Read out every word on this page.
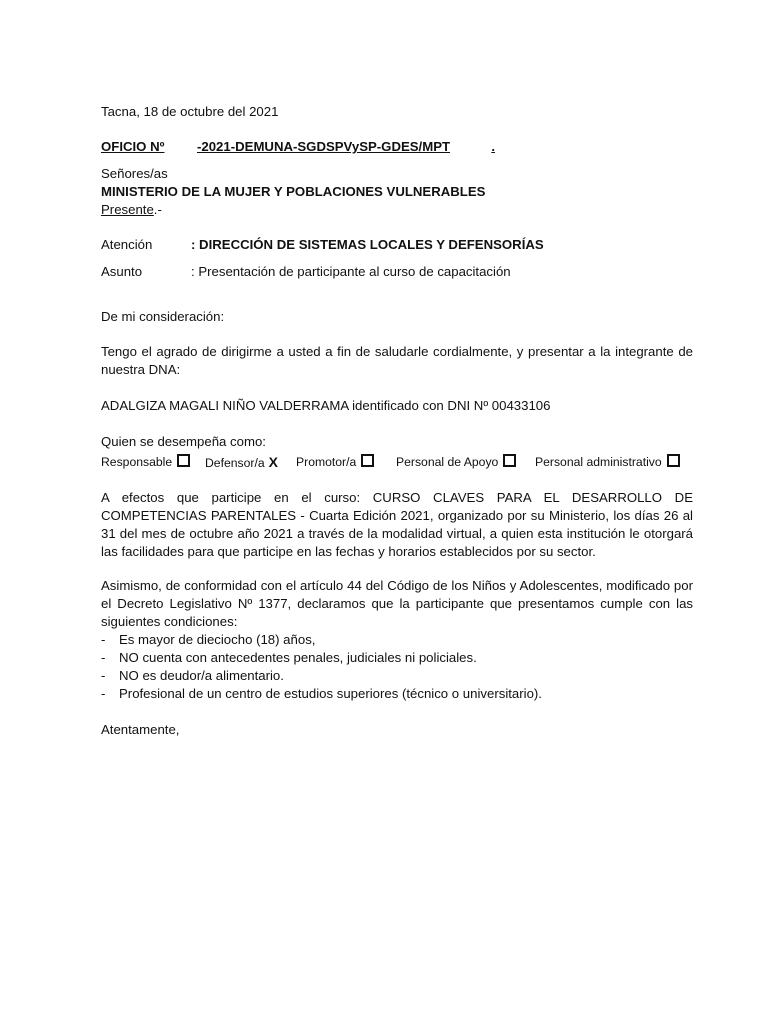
Tacna, 18 de octubre del 2021
OFICIO Nº -2021-DEMUNA-SGDSPVySP-GDES/MPT	.
Señores/as
MINISTERIO DE LA MUJER Y POBLACIONES VULNERABLES
Presente.-
Atención	: DIRECCIÓN DE SISTEMAS LOCALES Y DEFENSORÍAS
Asunto	: Presentación de participante al curso de capacitación
De mi consideración:
Tengo el agrado de dirigirme a usted a fin de saludarle cordialmente, y presentar a la integrante de nuestra DNA:
ADALGIZA MAGALI NIÑO VALDERRAMA identificado con DNI Nº 00433106
Quien se desempeña como:
Responsable	Defensor/a X Promotor/a	Personal de Apoyo	Personal administrativo
A efectos que participe en el curso: CURSO CLAVES PARA EL DESARROLLO DE COMPETENCIAS PARENTALES - Cuarta Edición 2021, organizado por su Ministerio, los días 26 al 31 del mes de octubre año 2021 a través de la modalidad virtual, a quien esta institución le otorgará las facilidades para que participe en las fechas y horarios establecidos por su sector.
Asimismo, de conformidad con el artículo 44 del Código de los Niños y Adolescentes, modificado por el Decreto Legislativo Nº 1377, declaramos que la participante que presentamos cumple con las siguientes condiciones:
- Es mayor de dieciocho (18) años,
- NO cuenta con antecedentes penales, judiciales ni policiales.
- NO es deudor/a alimentario.
- Profesional de un centro de estudios superiores (técnico o universitario).
Atentamente,
